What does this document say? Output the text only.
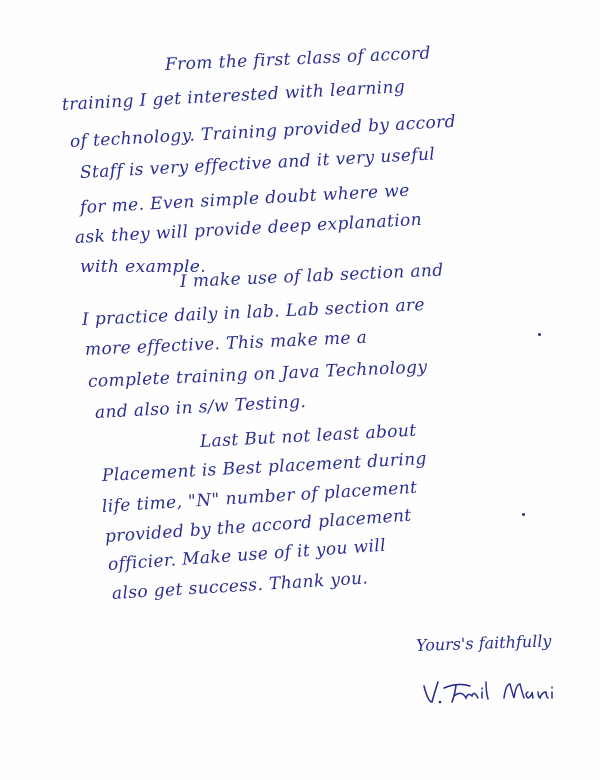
From the first class of accord
training I get interested with learning
of technology. Training provided by accord
Staff is very effective and it very useful
for me. Even simple doubt where we
ask they will provide deep explanation
with example.
I make use of lab section and
I practice daily in lab. Lab section are
more effective. This make me a
complete training on Java Technology
and also in s/w Testing.
Last But not least about
Placement is Best placement during
life time, "N" number of placement
provided by the accord placement
officier. Make use of it you will
also get success. Thank you.
Yours's faithfully
